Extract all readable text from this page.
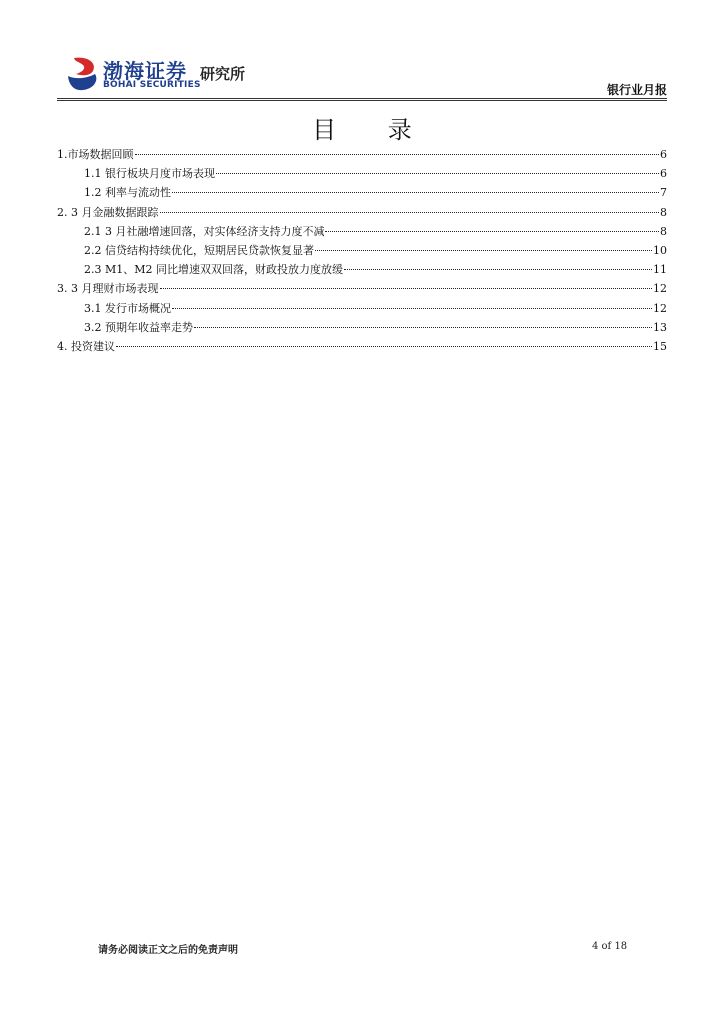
渤海证券
BOHAI SECURITIES
研究所
银行业月报
目 录
1.市场数据回顾	6
1.1 银行板块月度市场表现	6
1.2 利率与流动性	7
2. 3 月金融数据跟踪	8
2.1 3 月社融增速回落，对实体经济支持力度不减	8
2.2 信贷结构持续优化，短期居民贷款恢复显著	10
2.3 M1、M2 同比增速双双回落，财政投放力度放缓	11
3. 3 月理财市场表现	12
3.1 发行市场概况	12
3.2 预期年收益率走势	13
4. 投资建议	15
请务必阅读正文之后的免责声明	4 of 18
